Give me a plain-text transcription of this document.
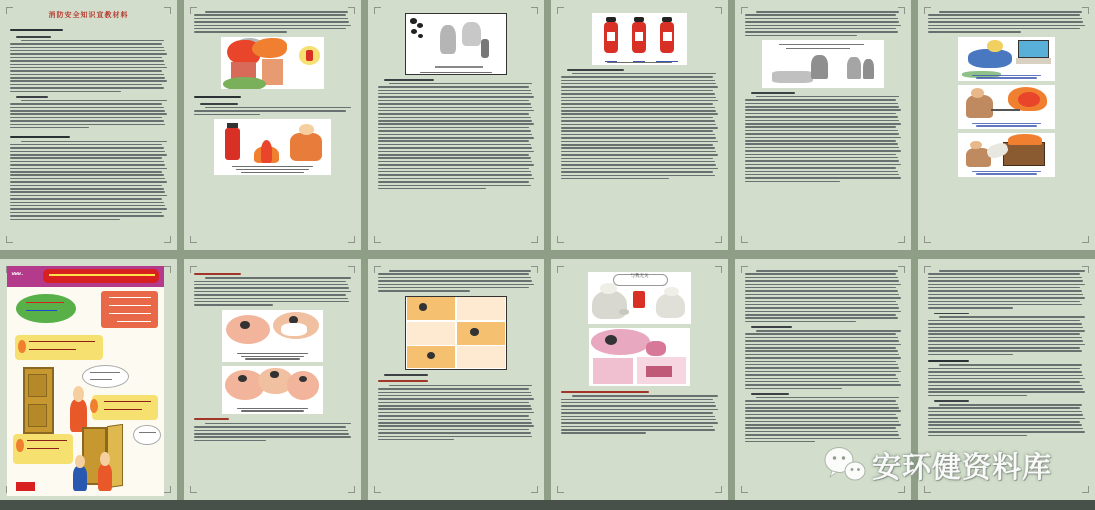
消防安全知识宣教材料
www.
与我无关
安环健资料库
